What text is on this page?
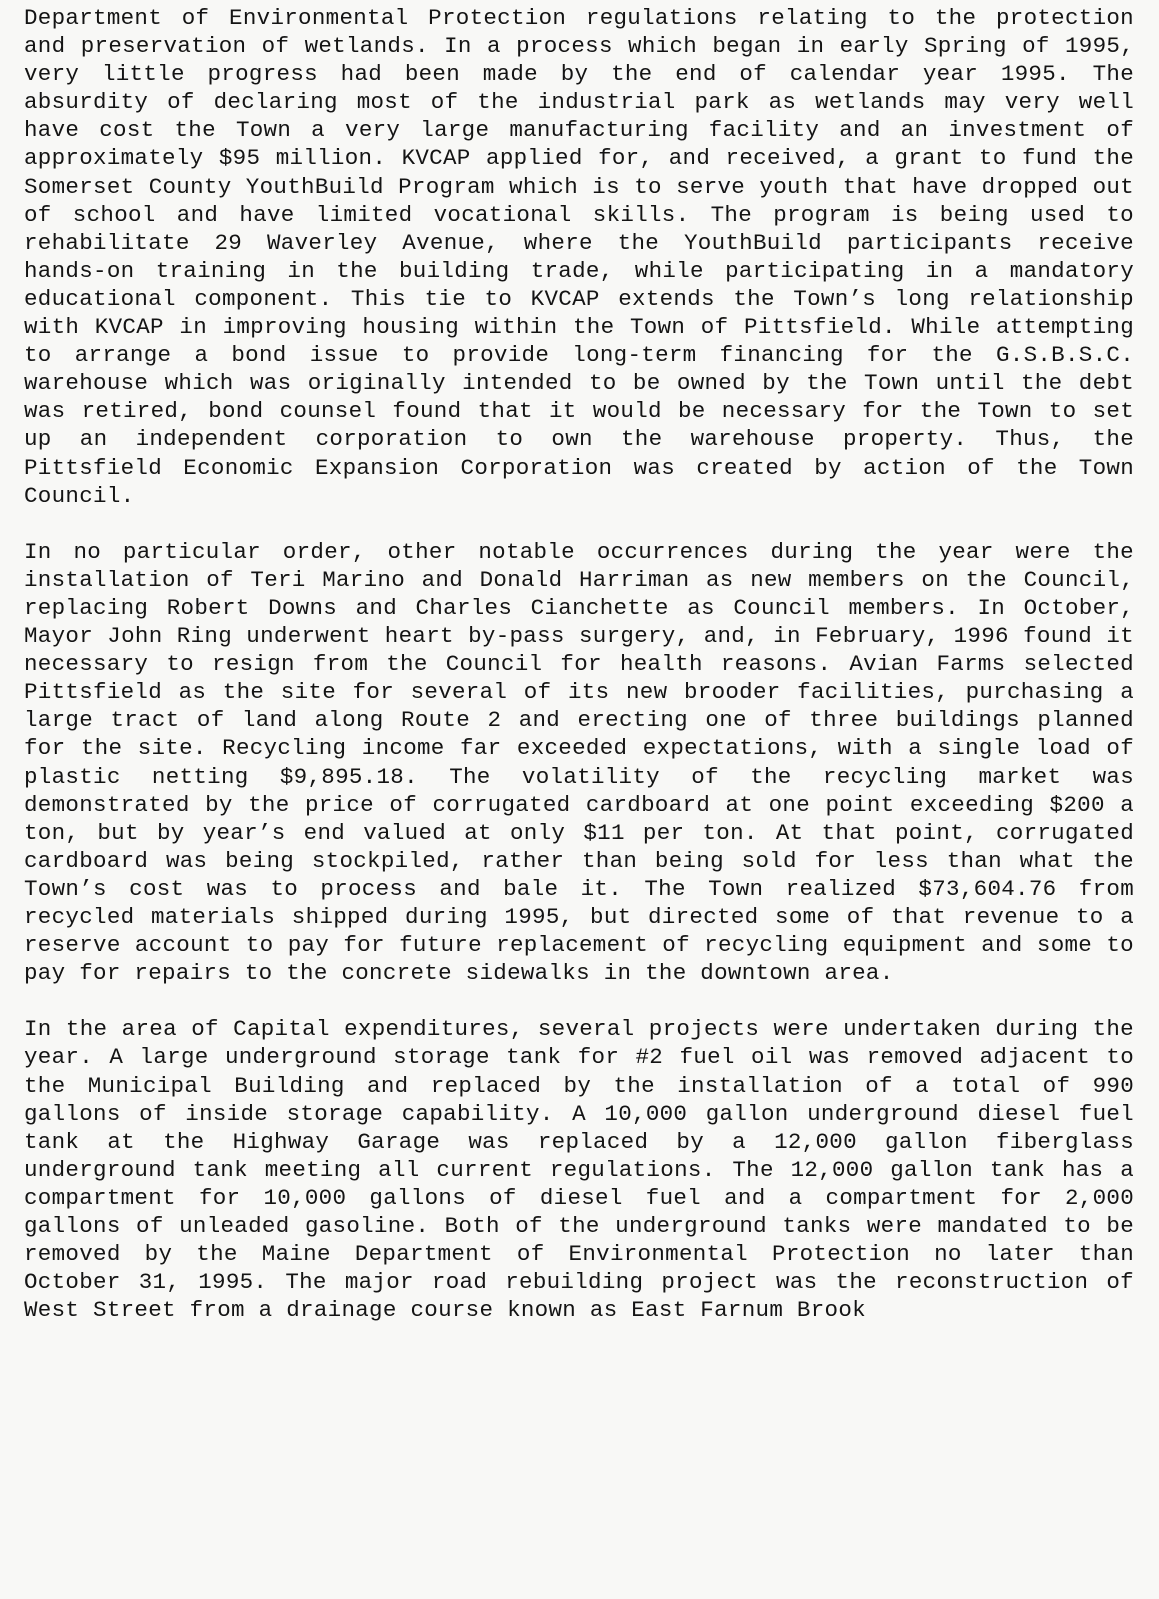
Department of Environmental Protection regulations relating to the protection and preservation of wetlands. In a process which began in early Spring of 1995, very little progress had been made by the end of calendar year 1995. The absurdity of declaring most of the industrial park as wetlands may very well have cost the Town a very large manufacturing facility and an investment of approximately $95 million. KVCAP applied for, and received, a grant to fund the Somerset County YouthBuild Program which is to serve youth that have dropped out of school and have limited vocational skills. The program is being used to rehabilitate 29 Waverley Avenue, where the YouthBuild participants receive hands-on training in the building trade, while participating in a mandatory educational component. This tie to KVCAP extends the Town’s long relationship with KVCAP in improving housing within the Town of Pittsfield. While attempting to arrange a bond issue to provide long-term financing for the G.S.B.S.C. warehouse which was originally intended to be owned by the Town until the debt was retired, bond counsel found that it would be necessary for the Town to set up an independent corporation to own the warehouse property. Thus, the Pittsfield Economic Expansion Corporation was created by action of the Town Council.

In no particular order, other notable occurrences during the year were the installation of Teri Marino and Donald Harriman as new members on the Council, replacing Robert Downs and Charles Cianchette as Council members. In October, Mayor John Ring underwent heart by-pass surgery, and, in February, 1996 found it necessary to resign from the Council for health reasons. Avian Farms selected Pittsfield as the site for several of its new brooder facilities, purchasing a large tract of land along Route 2 and erecting one of three buildings planned for the site. Recycling income far exceeded expectations, with a single load of plastic netting $9,895.18. The volatility of the recycling market was demonstrated by the price of corrugated cardboard at one point exceeding $200 a ton, but by year’s end valued at only $11 per ton. At that point, corrugated cardboard was being stockpiled, rather than being sold for less than what the Town’s cost was to process and bale it. The Town realized $73,604.76 from recycled materials shipped during 1995, but directed some of that revenue to a reserve account to pay for future replacement of recycling equipment and some to pay for repairs to the concrete sidewalks in the downtown area.

In the area of Capital expenditures, several projects were undertaken during the year. A large underground storage tank for #2 fuel oil was removed adjacent to the Municipal Building and replaced by the installation of a total of 990 gallons of inside storage capability. A 10,000 gallon underground diesel fuel tank at the Highway Garage was replaced by a 12,000 gallon fiberglass underground tank meeting all current regulations. The 12,000 gallon tank has a compartment for 10,000 gallons of diesel fuel and a compartment for 2,000 gallons of unleaded gasoline. Both of the underground tanks were mandated to be removed by the Maine Department of Environmental Protection no later than October 31, 1995. The major road rebuilding project was the reconstruction of West Street from a drainage course known as East Farnum Brook
